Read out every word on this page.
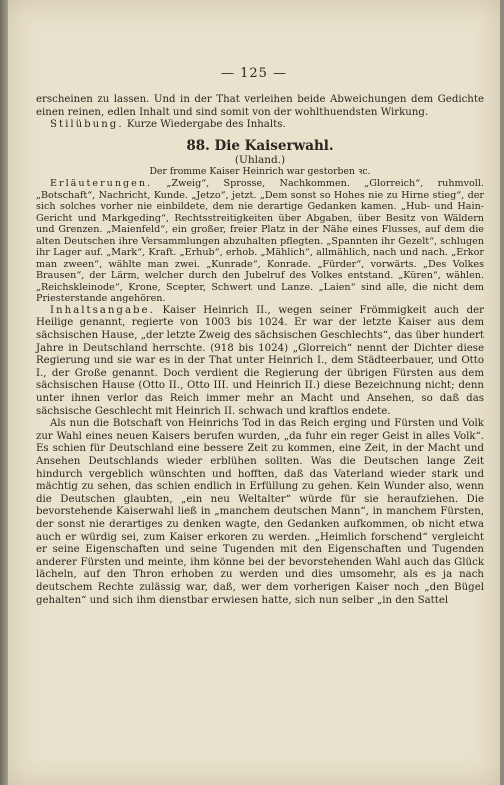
— 125 —

erscheinen zu lassen. Und in der That verleihen beide Abweichungen dem Gedichte einen reinen, edlen Inhalt und sind somit von der wohlthuendsten Wirkung.

Stilübung. Kurze Wiedergabe des Inhalts.

88. Die Kaiserwahl.

(Uhland.)

Der fromme Kaiser Heinrich war gestorben ꝛc.

Erläuterungen. „Zweig“, Sprosse, Nachkommen. „Glorreich“, ruhmvoll. „Botschaft“, Nachricht, Kunde. „Jetzo“, jetzt. „Dem sonst so Hohes nie zu Hirne stieg“, der sich solches vorher nie einbildete, dem nie derartige Gedanken kamen. „Hub- und Hain-Gericht und Markgeding“, Rechtsstreitigkeiten über Abgaben, über Besitz von Wäldern und Grenzen. „Maienfeld“, ein großer, freier Platz in der Nähe eines Flusses, auf dem die alten Deutschen ihre Versammlungen abzuhalten pflegten. „Spannten ihr Gezelt“, schlugen ihr Lager auf. „Mark“, Kraft. „Erhub“, erhob. „Mählich“, allmählich, nach und nach. „Erkor man zween“, wählte man zwei. „Kunrade“, Konrade. „Fürder“, vorwärts. „Des Volkes Brausen“, der Lärm, welcher durch den Jubelruf des Volkes entstand. „Küren“, wählen. „Reichskleinode“, Krone, Scepter, Schwert und Lanze. „Laien“ sind alle, die nicht dem Priesterstande angehören.

Inhaltsangabe. Kaiser Heinrich II., wegen seiner Frömmigkeit auch der Heilige genannt, regierte von 1003 bis 1024. Er war der letzte Kaiser aus dem sächsischen Hause, „der letzte Zweig des sächsischen Geschlechts“, das über hundert Jahre in Deutschland herrschte. (918 bis 1024) „Glorreich“ nennt der Dichter diese Regierung und sie war es in der That unter Heinrich I., dem Städteerbauer, und Otto I., der Große genannt. Doch verdient die Regierung der übrigen Fürsten aus dem sächsischen Hause (Otto II., Otto III. und Heinrich II.) diese Bezeichnung nicht; denn unter ihnen verlor das Reich immer mehr an Macht und Ansehen, so daß das sächsische Geschlecht mit Heinrich II. schwach und kraftlos endete.

Als nun die Botschaft von Heinrichs Tod in das Reich erging und Fürsten und Volk zur Wahl eines neuen Kaisers berufen wurden, „da fuhr ein reger Geist in alles Volk“. Es schien für Deutschland eine bessere Zeit zu kommen, eine Zeit, in der Macht und Ansehen Deutschlands wieder erblühen sollten. Was die Deutschen lange Zeit hindurch vergeblich wünschten und hofften, daß das Vaterland wieder stark und mächtig zu sehen, das schien endlich in Erfüllung zu gehen. Kein Wunder also, wenn die Deutschen glaubten, „ein neu Weltalter“ würde für sie heraufziehen. Die bevorstehende Kaiserwahl ließ in „manchem deutschen Mann“, in manchem Fürsten, der sonst nie derartiges zu denken wagte, den Gedanken aufkommen, ob nicht etwa auch er würdig sei, zum Kaiser erkoren zu werden. „Heimlich forschend“ vergleicht er seine Eigenschaften und seine Tugenden mit den Eigenschaften und Tugenden anderer Fürsten und meinte, ihm könne bei der bevorstehenden Wahl auch das Glück lächeln, auf den Thron erhoben zu werden und dies umsomehr, als es ja nach deutschem Rechte zulässig war, daß, wer dem vorherigen Kaiser noch „den Bügel gehalten“ und sich ihm dienstbar erwiesen hatte, sich nun selber „in den Sattel
